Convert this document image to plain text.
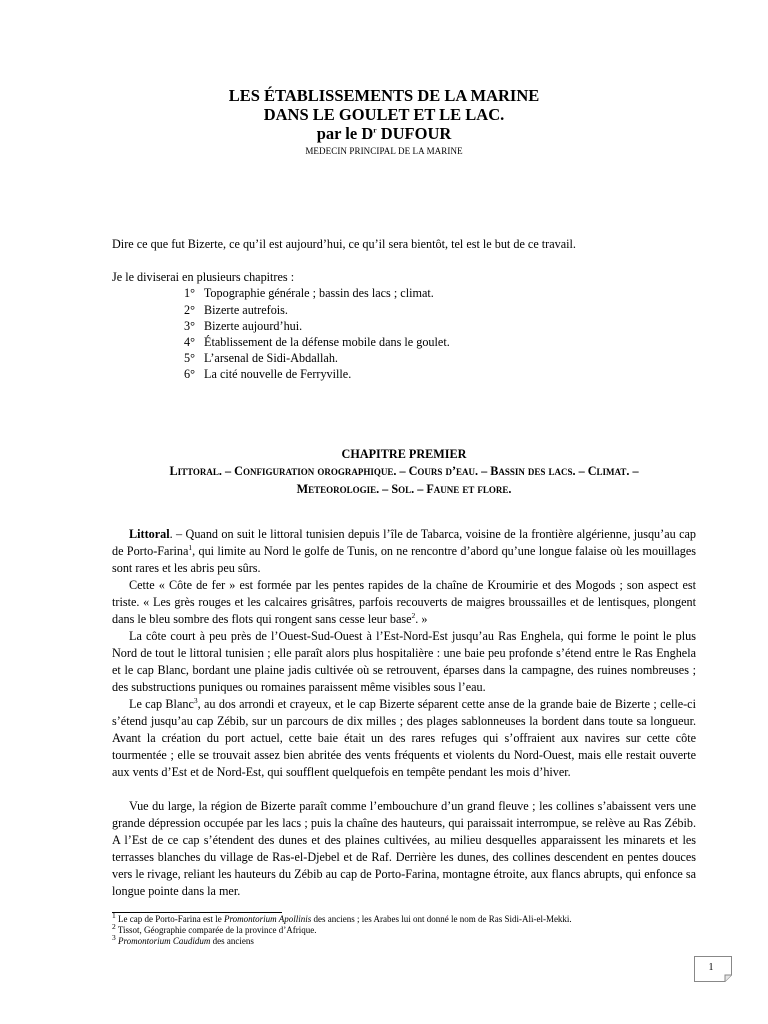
LES ÉTABLISSEMENTS DE LA MARINE
DANS LE GOULET ET LE LAC.
par le $D^r$ DUFOUR
MEDECIN PRINCIPAL DE LA MARINE

Dire ce que fut Bizerte, ce qu’il est aujourd’hui, ce qu’il sera bientôt, tel est le but de ce travail.

Je le diviserai en plusieurs chapitres :

1° Topographie générale ; bassin des lacs ; climat.
2° Bizerte autrefois.
3° Bizerte aujourd’hui.
4° Établissement de la défense mobile dans le goulet.
5° L’arsenal de Sidi-Abdallah.
6° La cité nouvelle de Ferryville.
CHAPITRE PREMIER
Littoral. – Configuration orographique. – Cours d’eau. – Bassin des lacs. – Climat. –
Meteorologie. – Sol. – Faune et flore.

Littoral. – Quand on suit le littoral tunisien depuis l’île de Tabarca, voisine de la frontière algérienne, jusqu’au cap de Porto-Farina$^1$, qui limite au Nord le golfe de Tunis, on ne rencontre d’abord qu’une longue falaise où les mouillages sont rares et les abris peu sûrs.

Cette « Côte de fer » est formée par les pentes rapides de la chaîne de Kroumirie et des Mogods ; son aspect est triste. « Les grès rouges et les calcaires grisâtres, parfois recouverts de maigres broussailles et de lentisques, plongent dans le bleu sombre des flots qui rongent sans cesse leur base$^2$. »

La côte court à peu près de l’Ouest-Sud-Ouest à l’Est-Nord-Est jusqu’au Ras Enghela, qui forme le point le plus Nord de tout le littoral tunisien ; elle paraît alors plus hospitalière : une baie peu profonde s’étend entre le Ras Enghela et le cap Blanc, bordant une plaine jadis cultivée où se retrouvent, éparses dans la campagne, des ruines nombreuses ; des substructions puniques ou romaines paraissent même visibles sous l’eau.

Le cap Blanc$^3$, au dos arrondi et crayeux, et le cap Bizerte séparent cette anse de la grande baie de Bizerte ; celle-ci s’étend jusqu’au cap Zébib, sur un parcours de dix milles ; des plages sablonneuses la bordent dans toute sa longueur. Avant la création du port actuel, cette baie était un des rares refuges qui s’offraient aux navires sur cette côte tourmentée ; elle se trouvait assez bien abritée des vents fréquents et violents du Nord-Ouest, mais elle restait ouverte aux vents d’Est et de Nord-Est, qui soufflent quelquefois en tempête pendant les mois d’hiver.

Vue du large, la région de Bizerte paraît comme l’embouchure d’un grand fleuve ; les collines s’abaissent vers une grande dépression occupée par les lacs ; puis la chaîne des hauteurs, qui paraissait interrompue, se relève au Ras Zébib. A l’Est de ce cap s’étendent des dunes et des plaines cultivées, au milieu desquelles apparaissent les minarets et les terrasses blanches du village de Ras-el-Djebel et de Raf. Derrière les dunes, des collines descendent en pentes douces vers le rivage, reliant les hauteurs du Zébib au cap de Porto-Farina, montagne étroite, aux flancs abrupts, qui enfonce sa longue pointe dans la mer.

$^1$ Le cap de Porto-Farina est le Promontorium Apollinis des anciens ; les Arabes lui ont donné le nom de Ras Sidi-Ali-el-Mekki.

$^2$ Tissot, Géographie comparée de la province d’Afrique.

$^3$ Promontorium Caudidum des anciens

1
